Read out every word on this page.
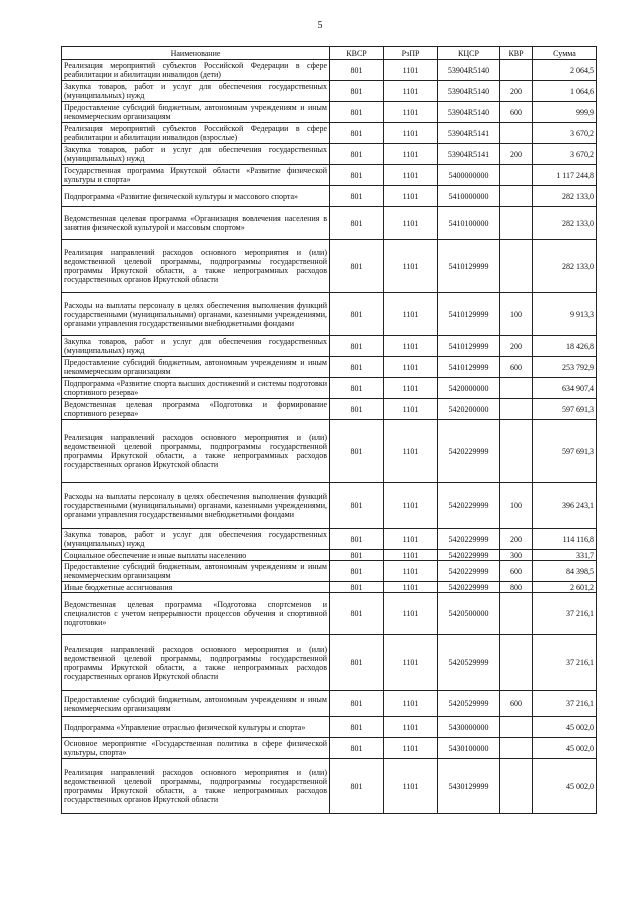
5
Наименование	КВСР	РзПР	КЦСР	КВР	Сумма
Реализация мероприятий субъектов Российской Федерации в сфере реабилитации и абилитации инвалидов (дети)	801	1101	53904R5140		2 064,5
Закупка товаров, работ и услуг для обеспечения государственных (муниципальных) нужд	801	1101	53904R5140	200	1 064,6
Предоставление субсидий бюджетным, автономным учреждениям и иным некоммерческим организациям	801	1101	53904R5140	600	999,9
Реализация мероприятий субъектов Российской Федерации в сфере реабилитации и абилитации инвалидов (взрослые)	801	1101	53904R5141		3 670,2
Закупка товаров, работ и услуг для обеспечения государственных (муниципальных) нужд	801	1101	53904R5141	200	3 670,2
Государственная программа Иркутской области «Развитие физической культуры и спорта»	801	1101	5400000000		1 117 244,8
Подпрограмма «Развитие физической культуры и массового спорта»	801	1101	5410000000		282 133,0
Ведомственная целевая программа «Организация вовлечения населения в занятия физической культурой и массовым спортом»	801	1101	5410100000		282 133,0
Реализация направлений расходов основного мероприятия и (или) ведомственной целевой программы, подпрограммы государственной программы Иркутской области, а также непрограммных расходов государственных органов Иркутской области	801	1101	5410129999		282 133,0
Расходы на выплаты персоналу в целях обеспечения выполнения функций государственными (муниципальными) органами, казенными учреждениями, органами управления государственными внебюджетными фондами	801	1101	5410129999	100	9 913,3
Закупка товаров, работ и услуг для обеспечения государственных (муниципальных) нужд	801	1101	5410129999	200	18 426,8
Предоставление субсидий бюджетным, автономным учреждениям и иным некоммерческим организациям	801	1101	5410129999	600	253 792,9
Подпрограмма «Развитие спорта высших достижений и системы подготовки спортивного резерва»	801	1101	5420000000		634 907,4
Ведомственная целевая программа «Подготовка и формирование спортивного резерва»	801	1101	5420200000		597 691,3
Реализация направлений расходов основного мероприятия и (или) ведомственной целевой программы, подпрограммы государственной программы Иркутской области, а также непрограммных расходов государственных органов Иркутской области	801	1101	5420229999		597 691,3
Расходы на выплаты персоналу в целях обеспечения выполнения функций государственными (муниципальными) органами, казенными учреждениями, органами управления государственными внебюджетными фондами	801	1101	5420229999	100	396 243,1
Закупка товаров, работ и услуг для обеспечения государственных (муниципальных) нужд	801	1101	5420229999	200	114 116,8
Социальное обеспечение и иные выплаты населению	801	1101	5420229999	300	331,7
Предоставление субсидий бюджетным, автономным учреждениям и иным некоммерческим организациям	801	1101	5420229999	600	84 398,5
Иные бюджетные ассигнования	801	1101	5420229999	800	2 601,2
Ведомственная целевая программа «Подготовка спортсменов и специалистов с учетом непрерывности процессов обучения и спортивной подготовки»	801	1101	5420500000		37 216,1
Реализация направлений расходов основного мероприятия и (или) ведомственной целевой программы, подпрограммы государственной программы Иркутской области, а также непрограммных расходов государственных органов Иркутской области	801	1101	5420529999		37 216,1
Предоставление субсидий бюджетным, автономным учреждениям и иным некоммерческим организациям	801	1101	5420529999	600	37 216,1
Подпрограмма «Управление отраслью физической культуры и спорта»	801	1101	5430000000		45 002,0
Основное мероприятие «Государственная политика в сфере физической культуры, спорта»	801	1101	5430100000		45 002,0
Реализация направлений расходов основного мероприятия и (или) ведомственной целевой программы, подпрограммы государственной программы Иркутской области, а также непрограммных расходов государственных органов Иркутской области	801	1101	5430129999		45 002,0
